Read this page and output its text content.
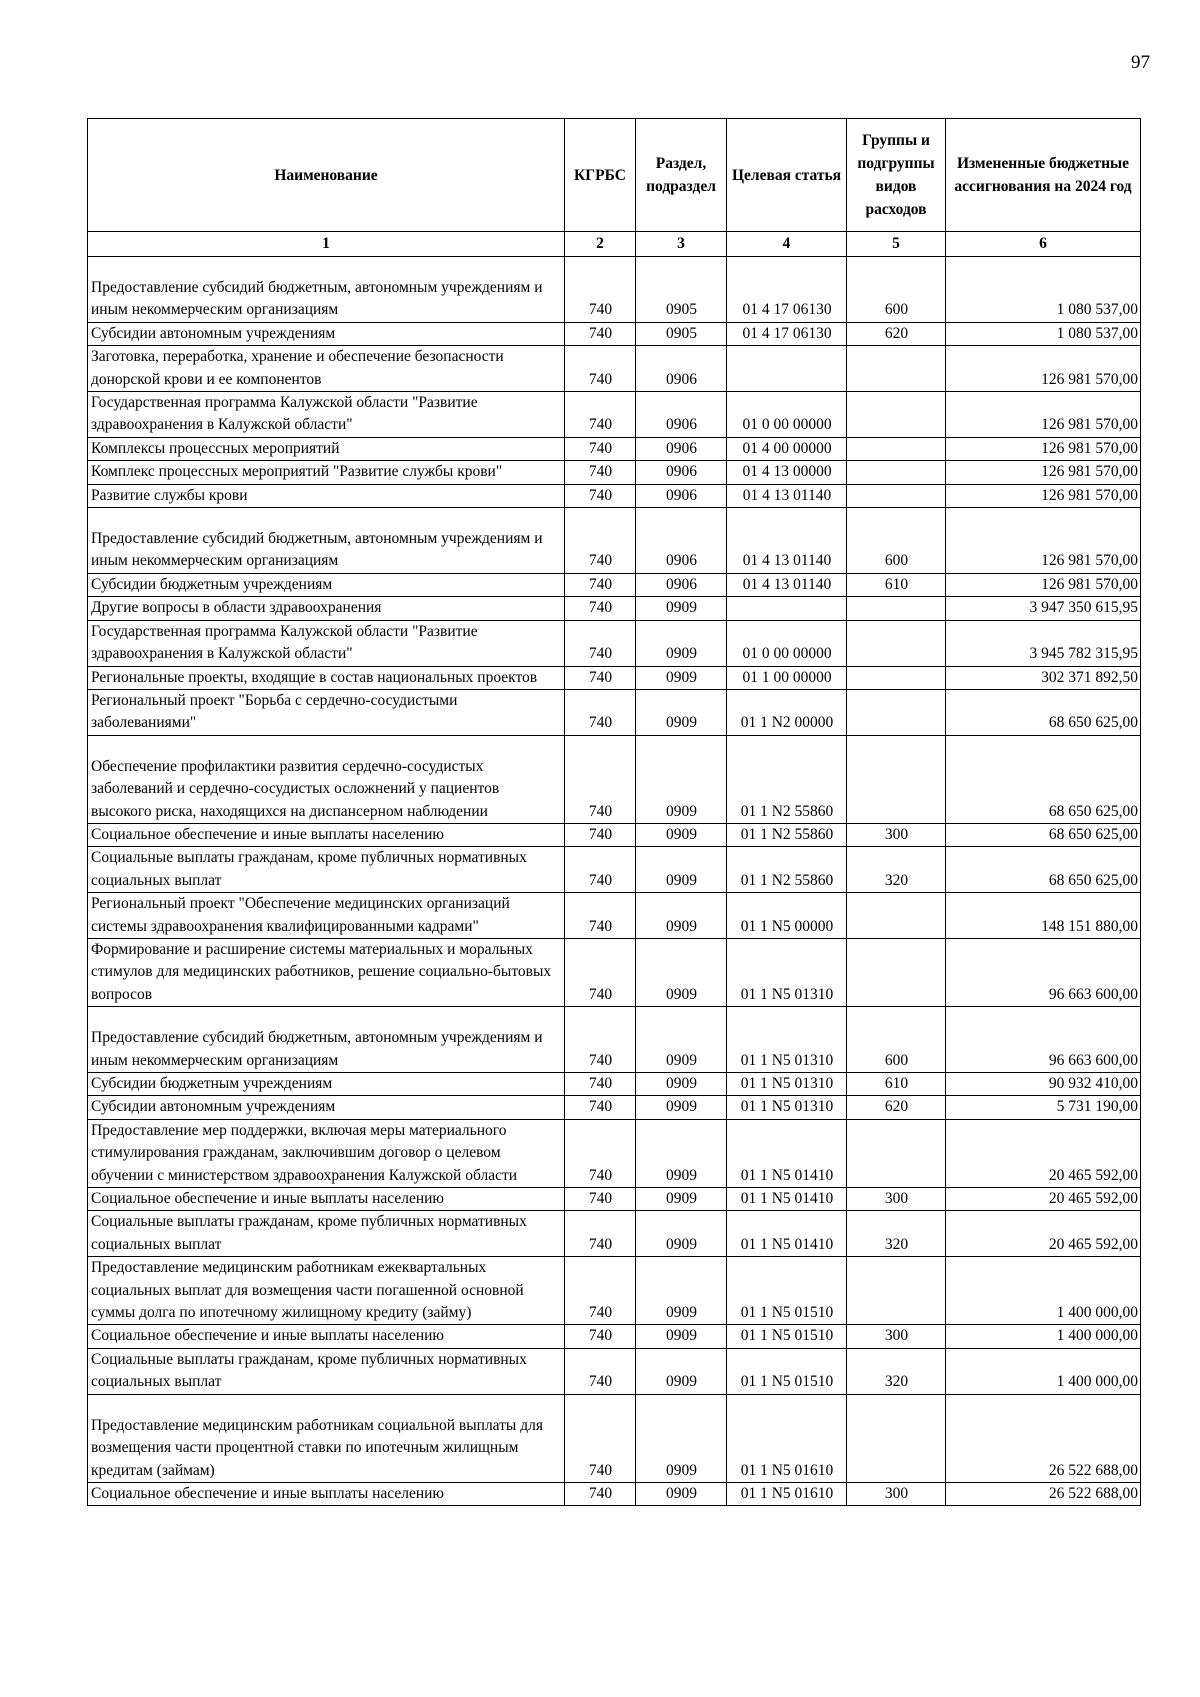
97
Наименование	КГРБС	Раздел, подраздел	Целевая статья	Группы и подгруппы видов расходов	Измененные бюджетные ассигнования на 2024 год
1	2	3	4	5	6
Предоставление субсидий бюджетным, автономным учреждениям и иным некоммерческим организациям	740	0905	01 4 17 06130	600	1 080 537,00
Субсидии автономным учреждениям	740	0905	01 4 17 06130	620	1 080 537,00
Заготовка, переработка, хранение и обеспечение безопасности донорской крови и ее компонентов	740	0906			126 981 570,00
Государственная программа Калужской области "Развитие здравоохранения в Калужской области"	740	0906	01 0 00 00000		126 981 570,00
Комплексы процессных мероприятий	740	0906	01 4 00 00000		126 981 570,00
Комплекс процессных мероприятий "Развитие службы крови"	740	0906	01 4 13 00000		126 981 570,00
Развитие службы крови	740	0906	01 4 13 01140		126 981 570,00
Предоставление субсидий бюджетным, автономным учреждениям и иным некоммерческим организациям	740	0906	01 4 13 01140	600	126 981 570,00
Субсидии бюджетным учреждениям	740	0906	01 4 13 01140	610	126 981 570,00
Другие вопросы в области здравоохранения	740	0909			3 947 350 615,95
Государственная программа Калужской области "Развитие здравоохранения в Калужской области"	740	0909	01 0 00 00000		3 945 782 315,95
Региональные проекты, входящие в состав национальных проектов	740	0909	01 1 00 00000		302 371 892,50
Региональный проект "Борьба с сердечно-сосудистыми заболеваниями"	740	0909	01 1 N2 00000		68 650 625,00
Обеспечение профилактики развития сердечно-сосудистых заболеваний и сердечно-сосудистых осложнений у пациентов высокого риска, находящихся на диспансерном наблюдении	740	0909	01 1 N2 55860		68 650 625,00
Социальное обеспечение и иные выплаты населению	740	0909	01 1 N2 55860	300	68 650 625,00
Социальные выплаты гражданам, кроме публичных нормативных социальных выплат	740	0909	01 1 N2 55860	320	68 650 625,00
Региональный проект "Обеспечение медицинских организаций системы здравоохранения квалифицированными кадрами"	740	0909	01 1 N5 00000		148 151 880,00
Формирование и расширение системы материальных и моральных стимулов для медицинских работников, решение социально-бытовых вопросов	740	0909	01 1 N5 01310		96 663 600,00
Предоставление субсидий бюджетным, автономным учреждениям и иным некоммерческим организациям	740	0909	01 1 N5 01310	600	96 663 600,00
Субсидии бюджетным учреждениям	740	0909	01 1 N5 01310	610	90 932 410,00
Субсидии автономным учреждениям	740	0909	01 1 N5 01310	620	5 731 190,00
Предоставление мер поддержки, включая меры материального стимулирования гражданам, заключившим договор о целевом обучении с министерством здравоохранения Калужской области	740	0909	01 1 N5 01410		20 465 592,00
Социальное обеспечение и иные выплаты населению	740	0909	01 1 N5 01410	300	20 465 592,00
Социальные выплаты гражданам, кроме публичных нормативных социальных выплат	740	0909	01 1 N5 01410	320	20 465 592,00
Предоставление медицинским работникам ежеквартальных социальных выплат для возмещения части погашенной основной суммы долга по ипотечному жилищному кредиту (займу)	740	0909	01 1 N5 01510		1 400 000,00
Социальное обеспечение и иные выплаты населению	740	0909	01 1 N5 01510	300	1 400 000,00
Социальные выплаты гражданам, кроме публичных нормативных социальных выплат	740	0909	01 1 N5 01510	320	1 400 000,00
Предоставление медицинским работникам социальной выплаты для возмещения части процентной ставки по ипотечным жилищным кредитам (займам)	740	0909	01 1 N5 01610		26 522 688,00
Социальное обеспечение и иные выплаты населению	740	0909	01 1 N5 01610	300	26 522 688,00
